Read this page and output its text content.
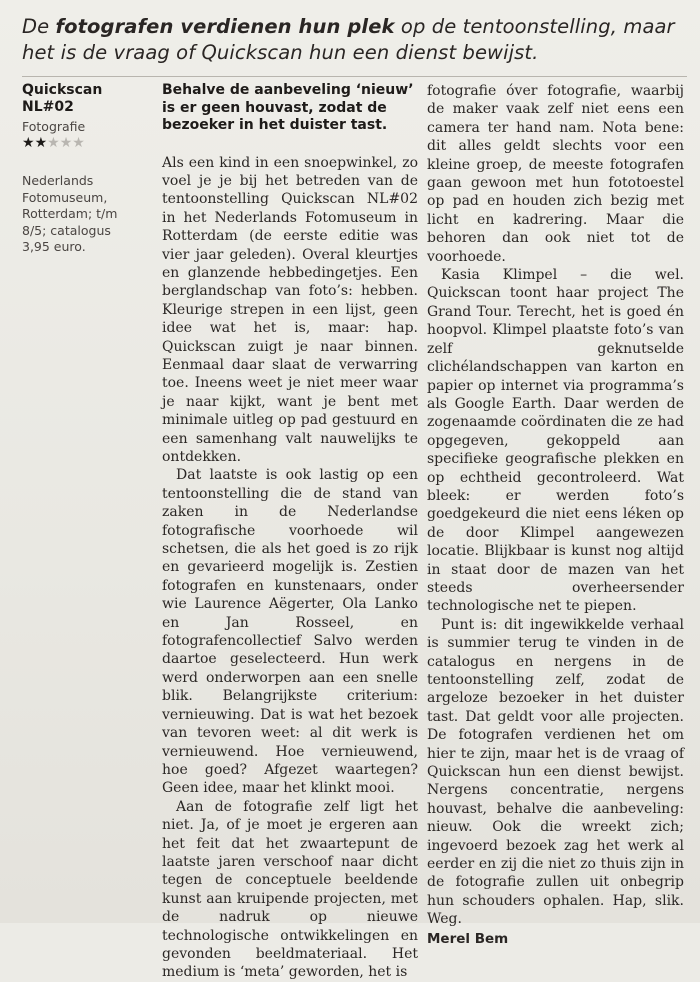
De fotografen verdienen hun plek op de tentoonstelling, maar het is de vraag of Quickscan hun een dienst bewijst.
Quickscan
NL#02
Fotografie
★★★★★
Nederlands
Fotomuseum,
Rotterdam; t/m
8/5; catalogus
3,95 euro.
Behalve de aanbeveling ‘nieuw’ is er geen houvast, zodat de bezoeker in het duister tast.

Als een kind in een snoepwinkel, zo voel je je bij het betreden van de tentoonstelling Quickscan NL#02 in het Nederlands Fotomuseum in Rotterdam (de eerste editie was vier jaar geleden). Overal kleurtjes en glanzende hebbedingetjes. Een berglandschap van foto’s: hebben. Kleurige strepen in een lijst, geen idee wat het is, maar: hap. Quickscan zuigt je naar binnen. Eenmaal daar slaat de verwarring toe. Ineens weet je niet meer waar je naar kijkt, want je bent met minimale uitleg op pad gestuurd en een samenhang valt nauwelijks te ontdekken.

Dat laatste is ook lastig op een tentoonstelling die de stand van zaken in de Nederlandse fotografische voorhoede wil schetsen, die als het goed is zo rijk en gevarieerd mogelijk is. Zestien fotografen en kunstenaars, onder wie Laurence Aëgerter, Ola Lanko en Jan Rosseel, en fotografencollectief Salvo werden daartoe geselecteerd. Hun werk werd onderworpen aan een snelle blik. Belangrijkste criterium: vernieuwing. Dat is wat het bezoek van tevoren weet: al dit werk is vernieuwend. Hoe vernieuwend, hoe goed? Afgezet waartegen? Geen idee, maar het klinkt mooi.

Aan de fotografie zelf ligt het niet. Ja, of je moet je ergeren aan het feit dat het zwaartepunt de laatste jaren verschoof naar dicht tegen de conceptuele beeldende kunst aan kruipende projecten, met de nadruk op nieuwe technologische ontwikkelingen en gevonden beeldmateriaal. Het medium is ‘meta’ geworden, het is

fotografie óver fotografie, waarbij de maker vaak zelf niet eens een camera ter hand nam. Nota bene: dit alles geldt slechts voor een kleine groep, de meeste fotografen gaan gewoon met hun fototoestel op pad en houden zich bezig met licht en kadrering. Maar die behoren dan ook niet tot de voorhoede.

Kasia Klimpel – die wel. Quickscan toont haar project The Grand Tour. Terecht, het is goed én hoopvol. Klimpel plaatste foto’s van zelf geknutselde clichélandschappen van karton en papier op internet via programma’s als Google Earth. Daar werden de zogenaamde coördinaten die ze had opgegeven, gekoppeld aan specifieke geografische plekken en op echtheid gecontroleerd. Wat bleek: er werden foto’s goedgekeurd die niet eens léken op de door Klimpel aangewezen locatie. Blijkbaar is kunst nog altijd in staat door de mazen van het steeds overheersender technologische net te piepen.

Punt is: dit ingewikkelde verhaal is summier terug te vinden in de catalogus en nergens in de tentoonstelling zelf, zodat de argeloze bezoeker in het duister tast. Dat geldt voor alle projecten. De fotografen verdienen het om hier te zijn, maar het is de vraag of Quickscan hun een dienst bewijst. Nergens concentratie, nergens houvast, behalve die aanbeveling: nieuw. Ook die wreekt zich; ingevoerd bezoek zag het werk al eerder en zij die niet zo thuis zijn in de fotografie zullen uit onbegrip hun schouders ophalen. Hap, slik. Weg.

Merel Bem
